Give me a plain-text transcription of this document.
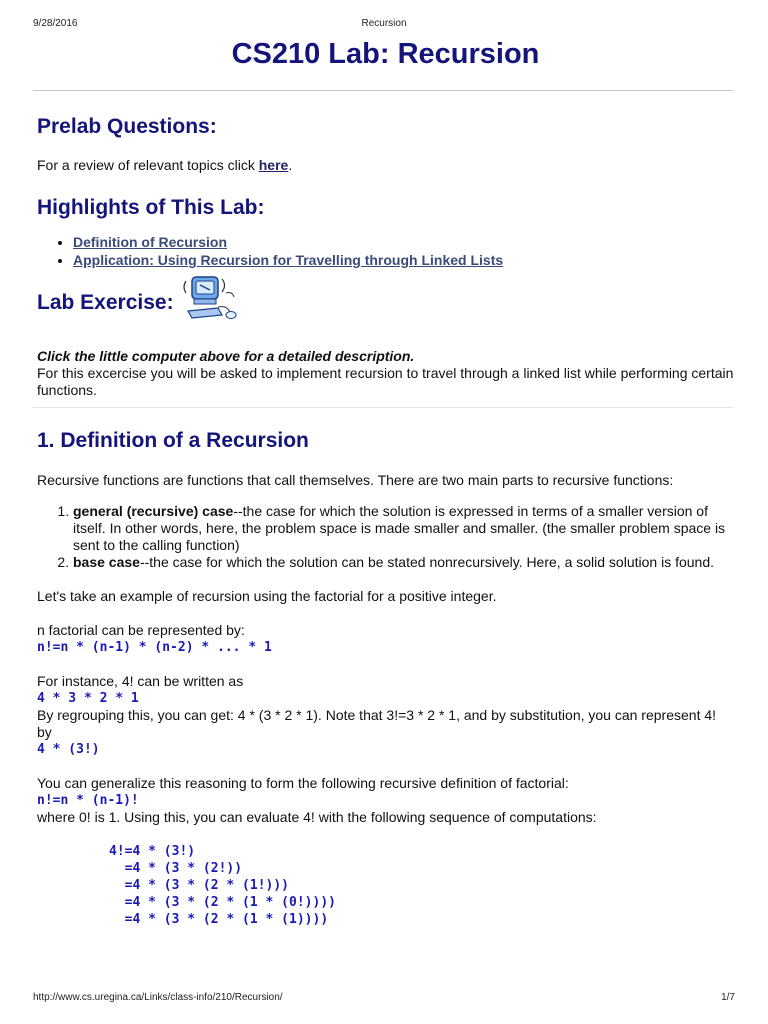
9/28/2016	Recursion
CS210 Lab: Recursion
Prelab Questions:

For a review of relevant topics click here.

Highlights of This Lab:
• Definition of Recursion
• Application: Using Recursion for Travelling through Linked Lists
Lab Exercise:

Click the little computer above for a detailed description.

For this excercise you will be asked to implement recursion to travel through a linked list while performing certain functions.

1. Definition of a Recursion

Recursive functions are functions that call themselves. There are two main parts to recursive functions:

1. general (recursive) case--the case for which the solution is expressed in terms of a smaller version of itself. In other words, here, the problem space is made smaller and smaller. (the smaller problem space is sent to the calling function)
2. base case--the case for which the solution can be stated nonrecursively. Here, a solid solution is found.

Let's take an example of recursion using the factorial for a positive integer.

n factorial can be represented by:

n!=n * (n-1) * (n-2) * ... * 1

For instance, 4! can be written as

4 * 3 * 2 * 1

By regrouping this, you can get: 4 * (3 * 2 * 1). Note that 3!=3 * 2 * 1, and by substitution, you can represent 4! by

4 * (3!)

You can generalize this reasoning to form the following recursive definition of factorial:

n!=n * (n-1)!

where 0! is 1. Using this, you can evaluate 4! with the following sequence of computations:

4!=4 * (3!)
=4 * (3 * (2!))
=4 * (3 * (2 * (1!)))
=4 * (3 * (2 * (1 * (0!))))
=4 * (3 * (2 * (1 * (1))))
http://www.cs.uregina.ca/Links/class-info/210/Recursion/	1/7
